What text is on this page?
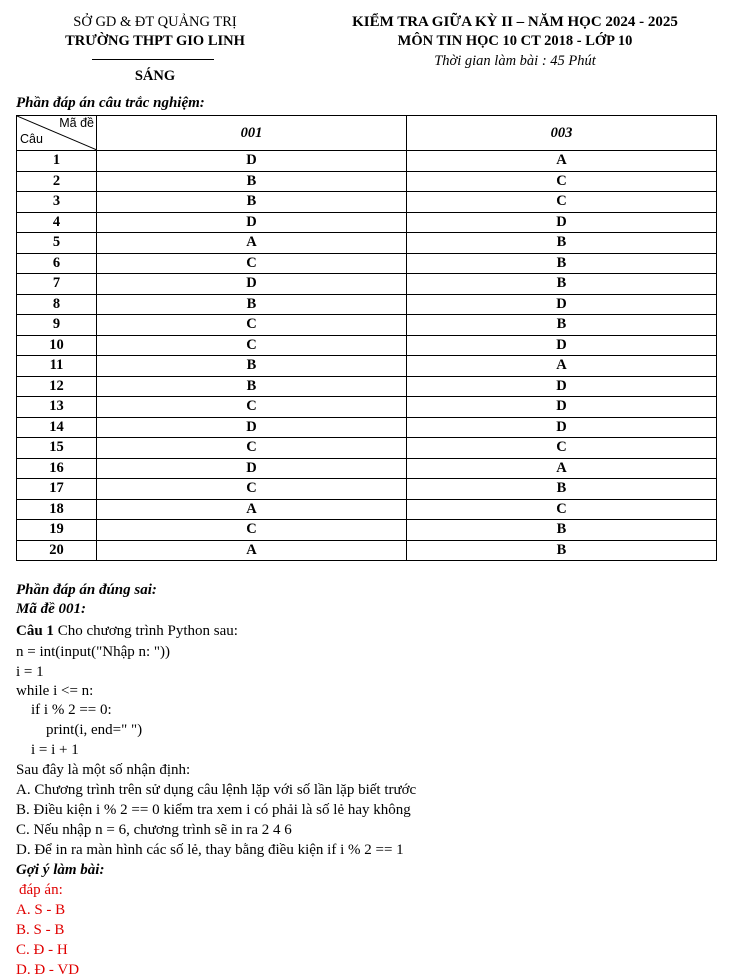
SỞ GD & ĐT QUẢNG TRỊ
TRƯỜNG THPT GIO LINH
SÁNG
KIỂM TRA GIỮA KỲ II – NĂM HỌC 2024 - 2025
MÔN TIN HỌC 10 CT 2018 - LỚP 10
Thời gian làm bài : 45 Phút
Phần đáp án câu trắc nghiệm:
Mã đề
Câu	001	003
1	D	A
2	B	C
3	B	C
4	D	D
5	A	B
6	C	B
7	D	B
8	B	D
9	C	B
10	C	D
11	B	A
12	B	D
13	C	D
14	D	D
15	C	C
16	D	A
17	C	B
18	A	C
19	C	B
20	A	B
Phần đáp án đúng sai:
Mã đề 001:
Câu 1 Cho chương trình Python sau:
n = int(input("Nhập n: "))
i = 1
while i <= n:
if i % 2 == 0:
print(i, end=" ")
i = i + 1
Sau đây là một số nhận định:
A. Chương trình trên sử dụng câu lệnh lặp với số lần lặp biết trước
B. Điều kiện i % 2 == 0 kiểm tra xem i có phải là số lẻ hay không
C. Nếu nhập n = 6, chương trình sẽ in ra 2 4 6
D. Để in ra màn hình các số lẻ, thay bằng điều kiện if i % 2 == 1
Gợi ý làm bài:
đáp án:
A. S - B
B. S - B
C. Đ - H
D. Đ - VD
